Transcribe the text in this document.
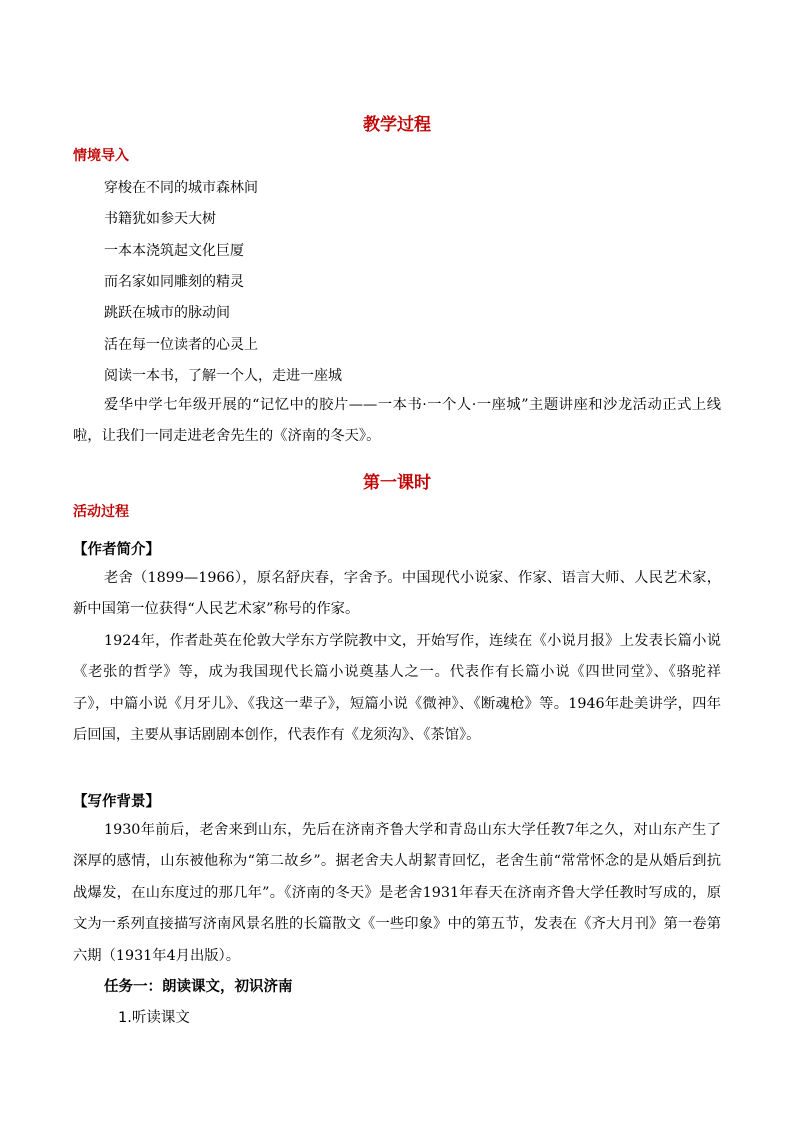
教学过程
情境导入
穿梭在不同的城市森林间
书籍犹如参天大树
一本本浇筑起文化巨厦
而名家如同雕刻的精灵
跳跃在城市的脉动间
活在每一位读者的心灵上
阅读一本书，了解一个人，走进一座城
爱华中学七年级开展的“记忆中的胶片——一本书·一个人·一座城”主题讲座和沙龙活动正式上线啦，让我们一同走进老舍先生的《济南的冬天》。
第一课时
活动过程
【作者简介】
老舍（1899—1966），原名舒庆春，字舍予。中国现代小说家、作家、语言大师、人民艺术家，新中国第一位获得“人民艺术家”称号的作家。
1924年，作者赴英在伦敦大学东方学院教中文，开始写作，连续在《小说月报》上发表长篇小说《老张的哲学》等，成为我国现代长篇小说奠基人之一。代表作有长篇小说《四世同堂》、《骆驼祥子》，中篇小说《月牙儿》、《我这一辈子》，短篇小说《微神》、《断魂枪》等。1946年赴美讲学，四年后回国，主要从事话剧剧本创作，代表作有《龙须沟》、《茶馆》。
【写作背景】
1930年前后，老舍来到山东，先后在济南齐鲁大学和青岛山东大学任教7年之久，对山东产生了深厚的感情，山东被他称为“第二故乡”。据老舍夫人胡絜青回忆，老舍生前“常常怀念的是从婚后到抗战爆发，在山东度过的那几年”。《济南的冬天》是老舍1931年春天在济南齐鲁大学任教时写成的，原文为一系列直接描写济南风景名胜的长篇散文《一些印象》中的第五节，发表在《齐大月刊》第一卷第六期（1931年4月出版）。
任务一：朗读课文，初识济南
1.听读课文
